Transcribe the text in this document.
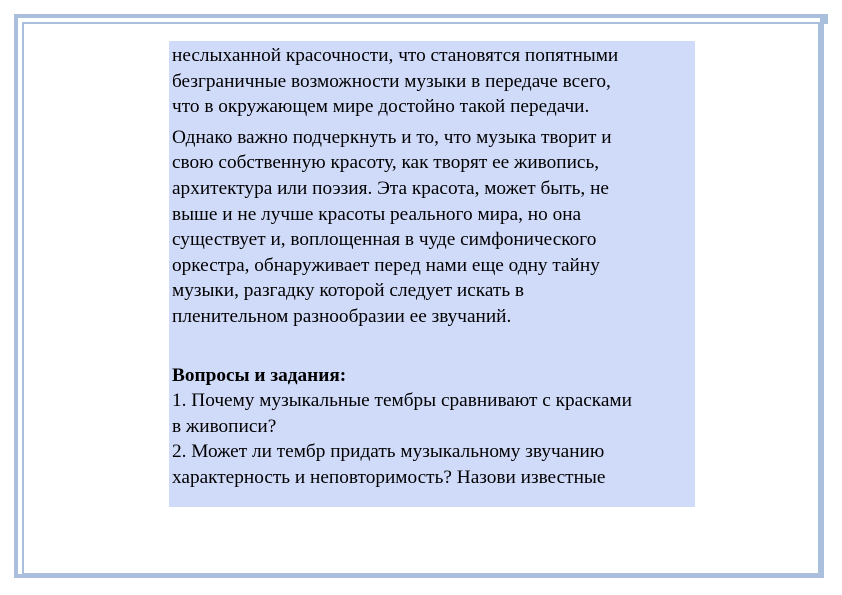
неслыханной красочности, что становятся попятными
безграничные возможности музыки в передаче всего,
что в окружающем мире достойно такой передачи.

Однако важно подчеркнуть и то, что музыка творит и
свою собственную красоту, как творят ее живопись,
архитектура или поэзия. Эта красота, может быть, не
выше и не лучше красоты реального мира, но она
существует и, воплощенная в чуде симфонического
оркестра, обнаруживает перед нами еще одну тайну
музыки, разгадку которой следует искать в
пленительном разнообразии ее звучаний.

Вопросы и задания:

1. Почему музыкальные тембры сравнивают с красками
в живописи?

2. Может ли тембр придать музыкальному звучанию
характерность и неповторимость? Назови известные
